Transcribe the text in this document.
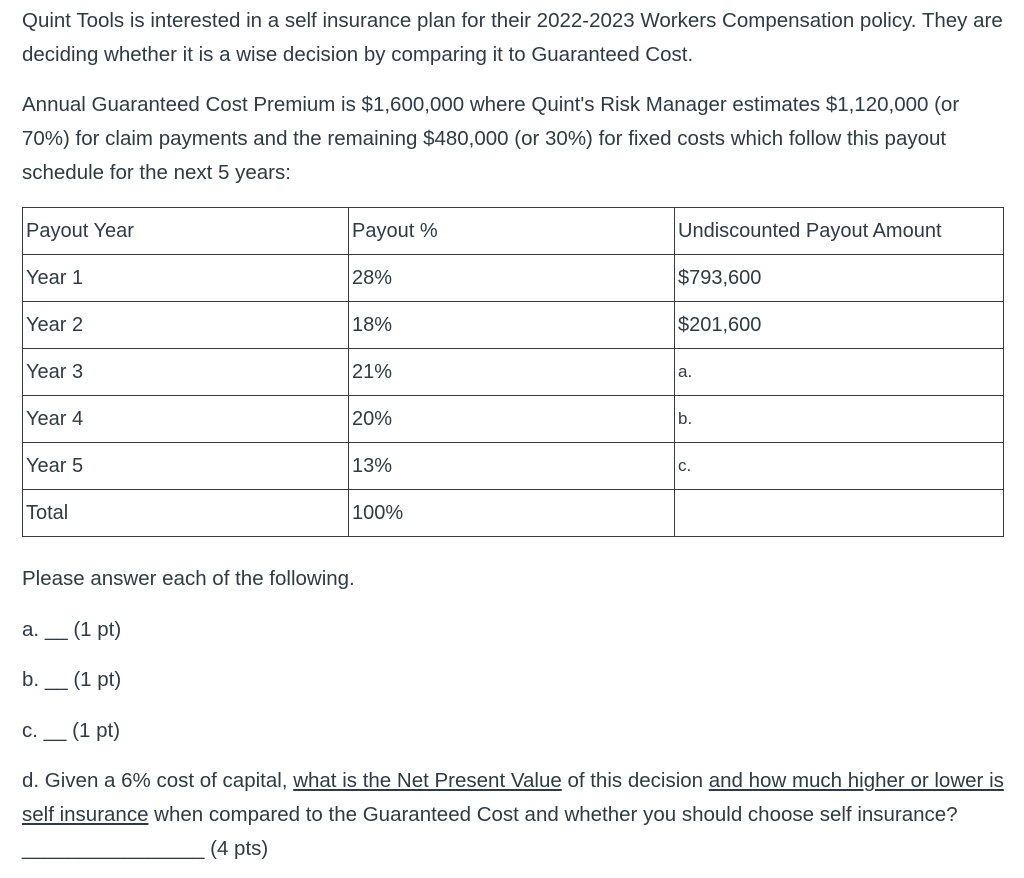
Quint Tools is interested in a self insurance plan for their 2022-2023 Workers Compensation policy. They are deciding whether it is a wise decision by comparing it to Guaranteed Cost.

Annual Guaranteed Cost Premium is $1,600,000 where Quint's Risk Manager estimates $1,120,000 (or 70%) for claim payments and the remaining $480,000 (or 30%) for fixed costs which follow this payout schedule for the next 5 years:

Payout Year	Payout %	Undiscounted Payout Amount
Year 1	28%	$793,600
Year 2	18%	$201,600
Year 3	21%	a.
Year 4	20%	b.
Year 5	13%	c.
Total	100%	
Please answer each of the following.
a. __ (1 pt)
b. __ (1 pt)
c. __ (1 pt)
d. Given a 6% cost of capital, what is the Net Present Value of this decision and how much higher or lower is self insurance when compared to the Guaranteed Cost and whether you should choose self insurance?________________ (4 pts)
